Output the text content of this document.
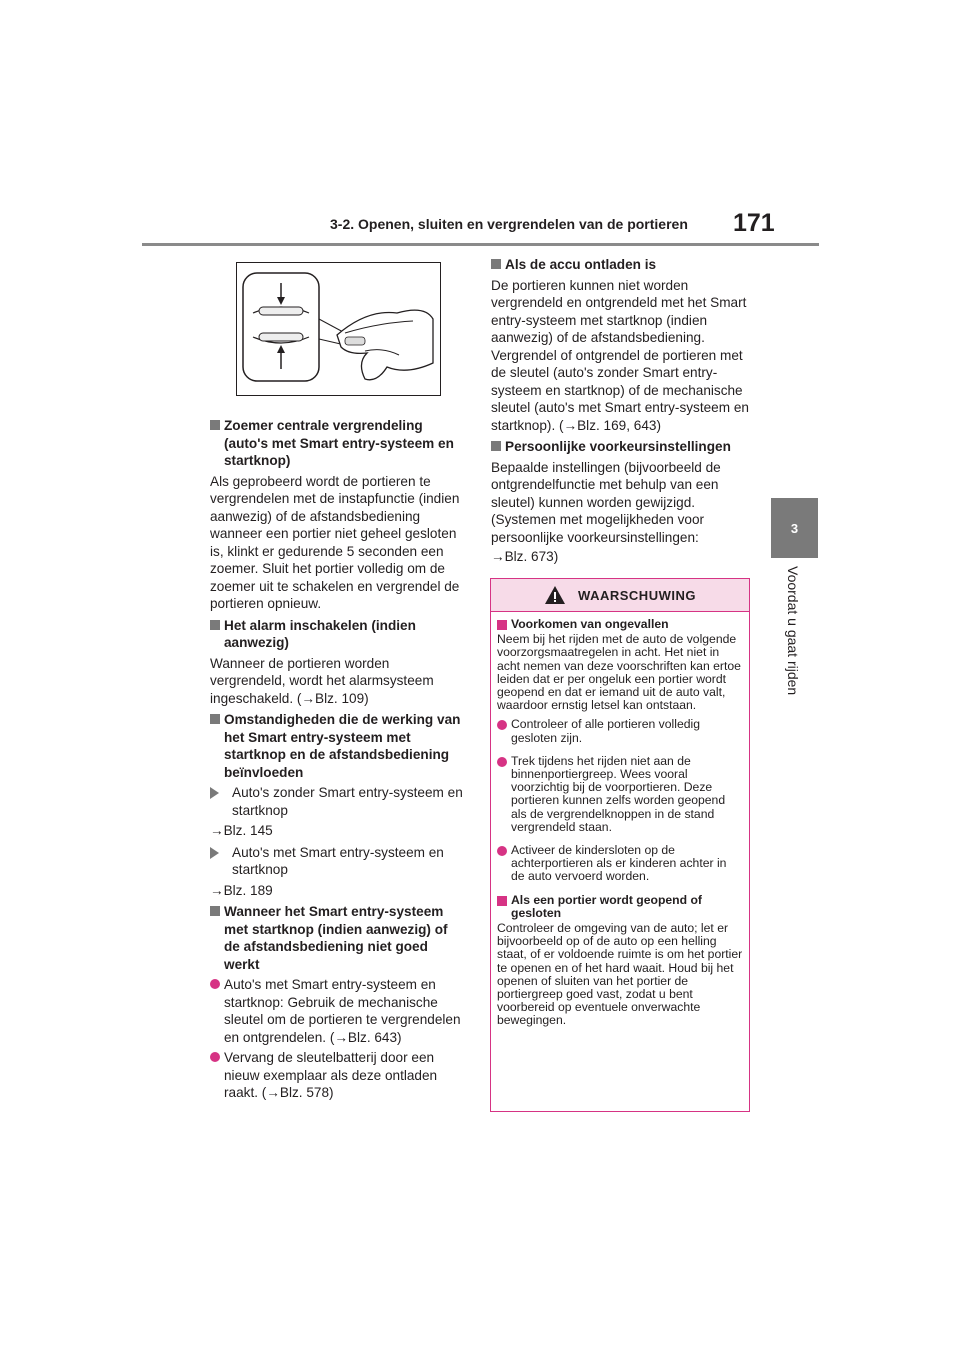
3-2. Openen, sluiten en vergrendelen van de portieren 171
3
Voordat u gaat rijden
Zoemer centrale vergrendeling (auto's met Smart entry-systeem en startknop)

Als geprobeerd wordt de portieren te vergrendelen met de instapfunctie (indien aanwezig) of de afstandsbediening wanneer een portier niet geheel gesloten is, klinkt er gedurende 5 seconden een zoemer. Sluit het portier volledig om de zoemer uit te schakelen en vergrendel de portieren opnieuw.

Het alarm inschakelen (indien aanwezig)

Wanneer de portieren worden vergrendeld, wordt het alarmsysteem ingeschakeld. (→Blz. 109)

Omstandigheden die de werking van het Smart entry-systeem met startknop en de afstandsbediening beïnvloeden
Auto's zonder Smart entry-systeem en startknop
→Blz. 145
Auto's met Smart entry-systeem en startknop
→Blz. 189
Wanneer het Smart entry-systeem met startknop (indien aanwezig) of de afstandsbediening niet goed werkt
Auto's met Smart entry-systeem en startknop: Gebruik de mechanische sleutel om de portieren te vergrendelen en ontgrendelen. (→Blz. 643)
Vervang de sleutelbatterij door een nieuw exemplaar als deze ontladen raakt. (→Blz. 578)
Als de accu ontladen is

De portieren kunnen niet worden vergrendeld en ontgrendeld met het Smart entry-systeem met startknop (indien aanwezig) of de afstandsbediening. Vergrendel of ontgrendel de portieren met de sleutel (auto's zonder Smart entry-systeem en startknop) of de mechanische sleutel (auto's met Smart entry-systeem en startknop). (→Blz. 169, 643)

Persoonlijke voorkeursinstellingen

Bepaalde instellingen (bijvoorbeeld de ontgrendelfunctie met behulp van een sleutel) kunnen worden gewijzigd. (Systemen met mogelijkheden voor persoonlijke voorkeursinstellingen:

→Blz. 673)
WAARSCHUWING
Voorkomen van ongevallen

Neem bij het rijden met de auto de volgende voorzorgsmaatregelen in acht. Het niet in acht nemen van deze voorschriften kan ertoe leiden dat er per ongeluk een portier wordt geopend en dat er iemand uit de auto valt, waardoor ernstig letsel kan ontstaan.

Controleer of alle portieren volledig gesloten zijn.
Trek tijdens het rijden niet aan de binnenportiergreep. Wees vooral voorzichtig bij de voorportieren. Deze portieren kunnen zelfs worden geopend als de vergrendelknoppen in de stand vergrendeld staan.
Activeer de kindersloten op de achterportieren als er kinderen achter in de auto vervoerd worden.
Als een portier wordt geopend of gesloten

Controleer de omgeving van de auto; let er bijvoorbeeld op of de auto op een helling staat, of er voldoende ruimte is om het portier te openen en of het hard waait. Houd bij het openen of sluiten van het portier de portiergreep goed vast, zodat u bent voorbereid op eventuele onverwachte bewegingen.
